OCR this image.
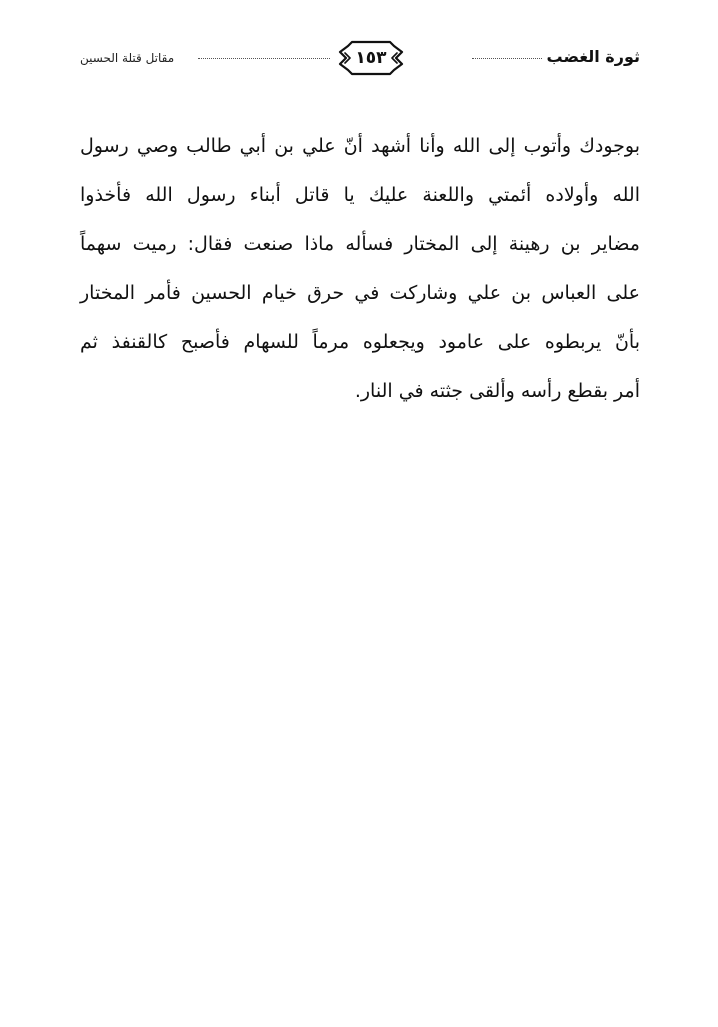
ثورة الغضب
١٥٣
مقاتل قتلة الحسين
بوجودك وأتوب إلى الله وأنا أشهد أنّ علي بن أبي طالب وصي رسول
الله وأولاده أئمتي واللعنة عليك يا قاتل أبناء رسول الله فأخذوا
مضاير بن رهينة إلى المختار فسأله ماذا صنعت فقال: رميت سهماً
على العباس بن علي وشاركت في حرق خيام الحسين فأمر المختار
بأنّ يربطوه على عامود ويجعلوه مرماً للسهام فأصبح كالقنفذ ثم
أمر بقطع رأسه وألقى جثته في النار.
